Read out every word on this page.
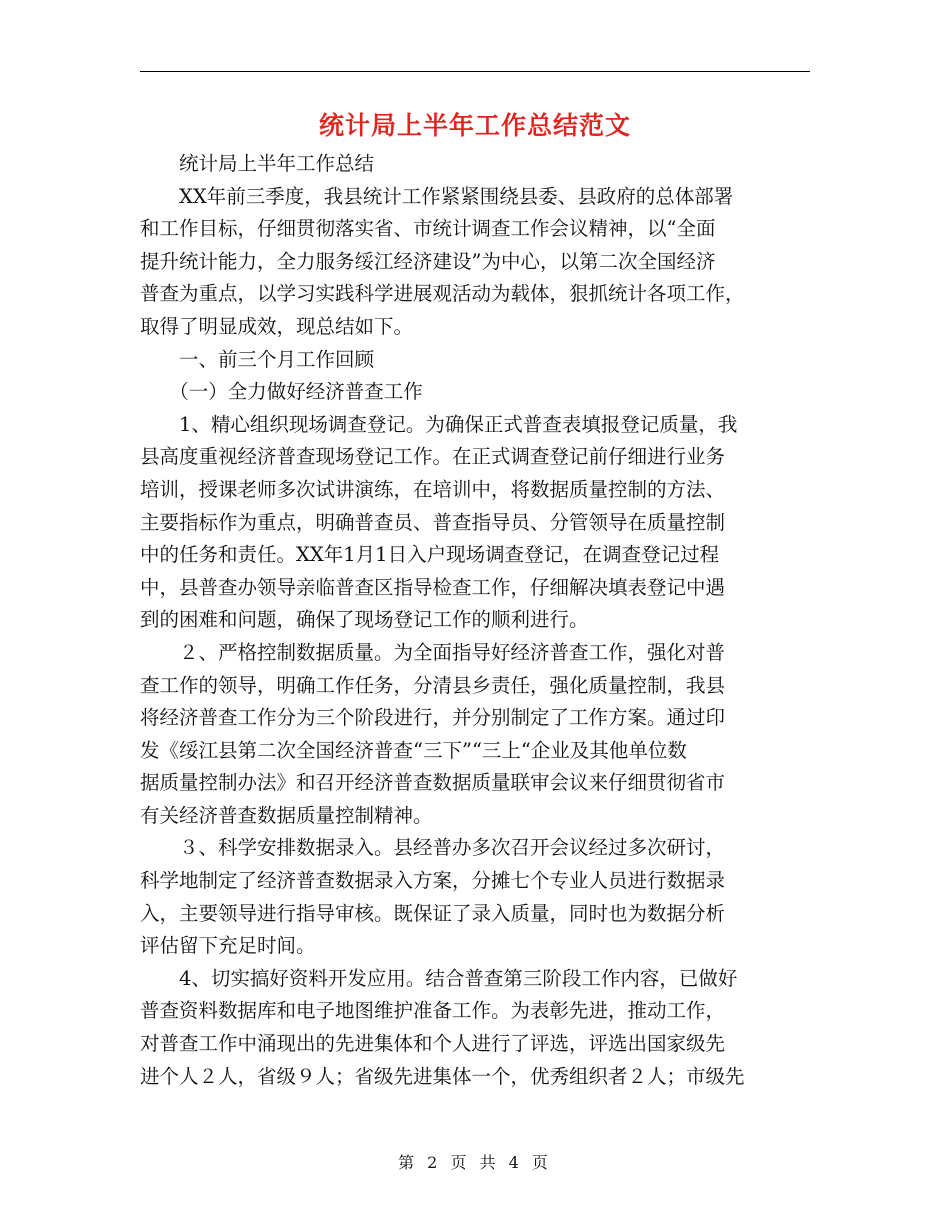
统计局上半年工作总结范文

　　统计局上半年工作总结

　　XX年前三季度，我县统计工作紧紧围绕县委、县政府的总体部署

和工作目标，仔细贯彻落实省、市统计调查工作会议精神，以“全面

提升统计能力，全力服务绥江经济建设”为中心，以第二次全国经济

普查为重点，以学习实践科学进展观活动为载体，狠抓统计各项工作，

取得了明显成效，现总结如下。

　　一、前三个月工作回顾

　　（一）全力做好经济普查工作

　　1、精心组织现场调查登记。为确保正式普查表填报登记质量，我

县高度重视经济普查现场登记工作。在正式调查登记前仔细进行业务

培训，授课老师多次试讲演练，在培训中，将数据质量控制的方法、

主要指标作为重点，明确普查员、普查指导员、分管领导在质量控制

中的任务和责任。XX年1月1日入户现场调查登记，在调查登记过程

中，县普查办领导亲临普查区指导检查工作，仔细解决填表登记中遇

到的困难和问题，确保了现场登记工作的顺利进行。

　　２、严格控制数据质量。为全面指导好经济普查工作，强化对普

查工作的领导，明确工作任务，分清县乡责任，强化质量控制，我县

将经济普查工作分为三个阶段进行，并分别制定了工作方案。通过印

发《绥江县第二次全国经济普查“三下”“三上“企业及其他单位数

据质量控制办法》和召开经济普查数据质量联审会议来仔细贯彻省市

有关经济普查数据质量控制精神。

　　３、科学安排数据录入。县经普办多次召开会议经过多次研讨，

科学地制定了经济普查数据录入方案，分摊七个专业人员进行数据录

入，主要领导进行指导审核。既保证了录入质量，同时也为数据分析

评估留下充足时间。

　　4、切实搞好资料开发应用。结合普查第三阶段工作内容，已做好

普查资料数据库和电子地图维护准备工作。为表彰先进，推动工作，

对普查工作中涌现出的先进集体和个人进行了评选，评选出国家级先

进个人２人，省级９人；省级先进集体一个，优秀组织者２人；市级先

第 2 页 共 4 页
